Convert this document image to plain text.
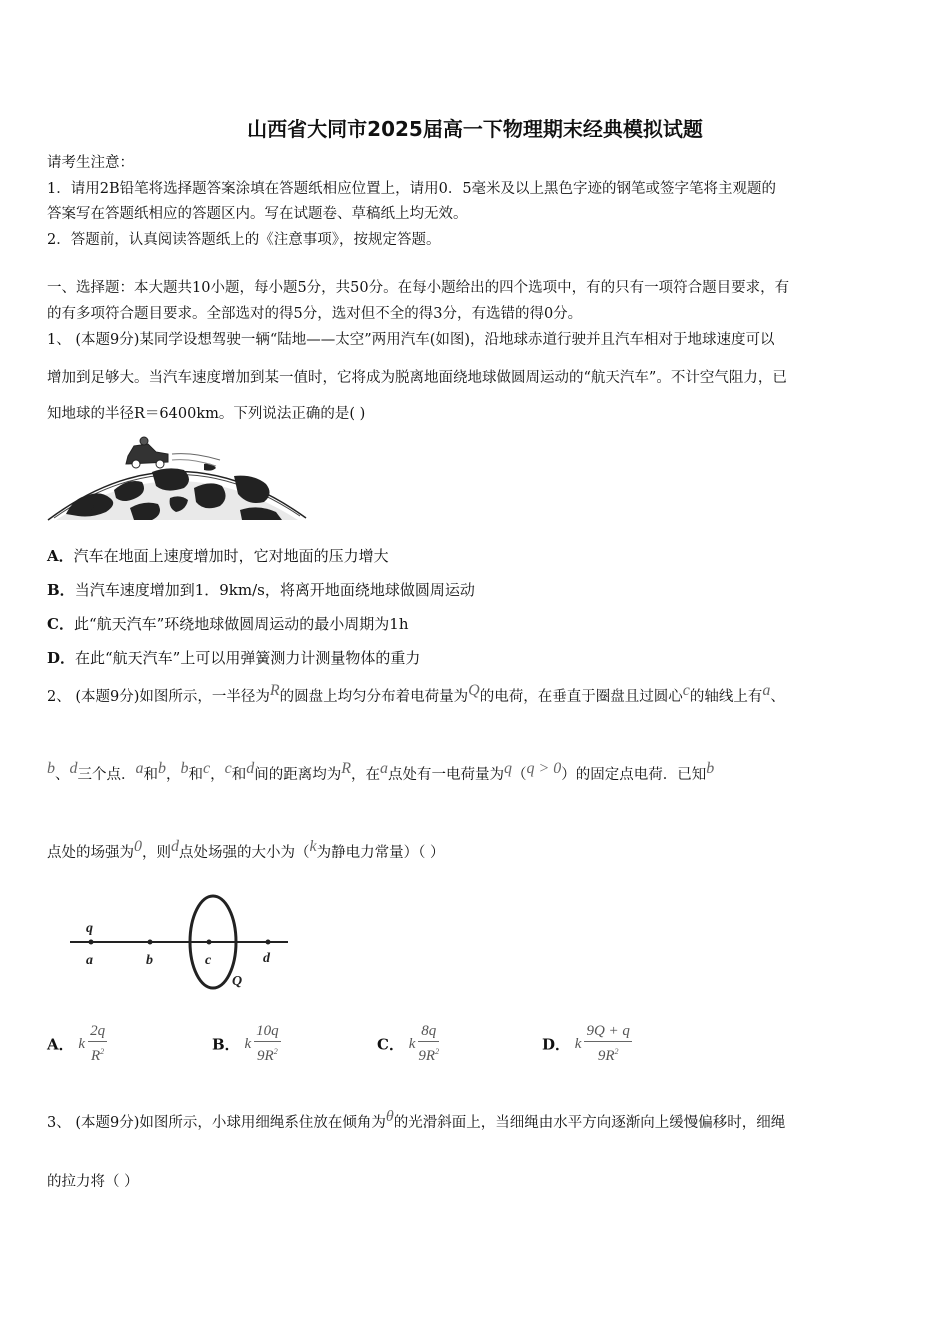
山西省大同市2025届高一下物理期末经典模拟试题
请考生注意：
1．请用2B铅笔将选择题答案涂填在答题纸相应位置上，请用0．5毫米及以上黑色字迹的钢笔或签字笔将主观题的
答案写在答题纸相应的答题区内。写在试题卷、草稿纸上均无效。
2．答题前，认真阅读答题纸上的《注意事项》，按规定答题。
一、选择题：本大题共10小题，每小题5分，共50分。在每小题给出的四个选项中，有的只有一项符合题目要求，有
的有多项符合题目要求。全部选对的得5分，选对但不全的得3分，有选错的得0分。
1、 (本题9分)某同学设想驾驶一辆“陆地——太空”两用汽车(如图)，沿地球赤道行驶并且汽车相对于地球速度可以
增加到足够大。当汽车速度增加到某一值时，它将成为脱离地面绕地球做圆周运动的“航天汽车”。不计空气阻力，已
知地球的半径R＝6400km。下列说法正确的是( )
A．汽车在地面上速度增加时，它对地面的压力增大
B．当汽车速度增加到1．9km/s，将离开地面绕地球做圆周运动
C．此“航天汽车”环绕地球做圆周运动的最小周期为1h
D．在此“航天汽车”上可以用弹簧测力计测量物体的重力
2、 (本题9分)如图所示，一半径为$^R$的圆盘上均匀分布着电荷量为$^Q$的电荷，在垂直于圈盘且过圆心$^c$的轴线上有$^a$、
$^b$、$^d$三个点．$^a$和$^b$，$^b$和$^c$，$^c$和$^d$间的距离均为$^R$，在$^a$点处有一电荷量为$^q$（$^{q > 0}$）的固定点电荷．已知$^b$
点处的场强为$^0$，则$^d$点处场强的大小为（$^k$为静电力常量）（ ）
q
a	b	c	d
Q
A． k $\frac{2q}{R^2}$	B． k $\frac{10q}{9R^2}$	C． k $\frac{8q}{9R^2}$	D． k $\frac{9Q + q}{9R^2}$
3、 (本题9分)如图所示，小球用细绳系住放在倾角为$^\theta$的光滑斜面上，当细绳由水平方向逐渐向上缓慢偏移时，细绳
的拉力将（ ）
